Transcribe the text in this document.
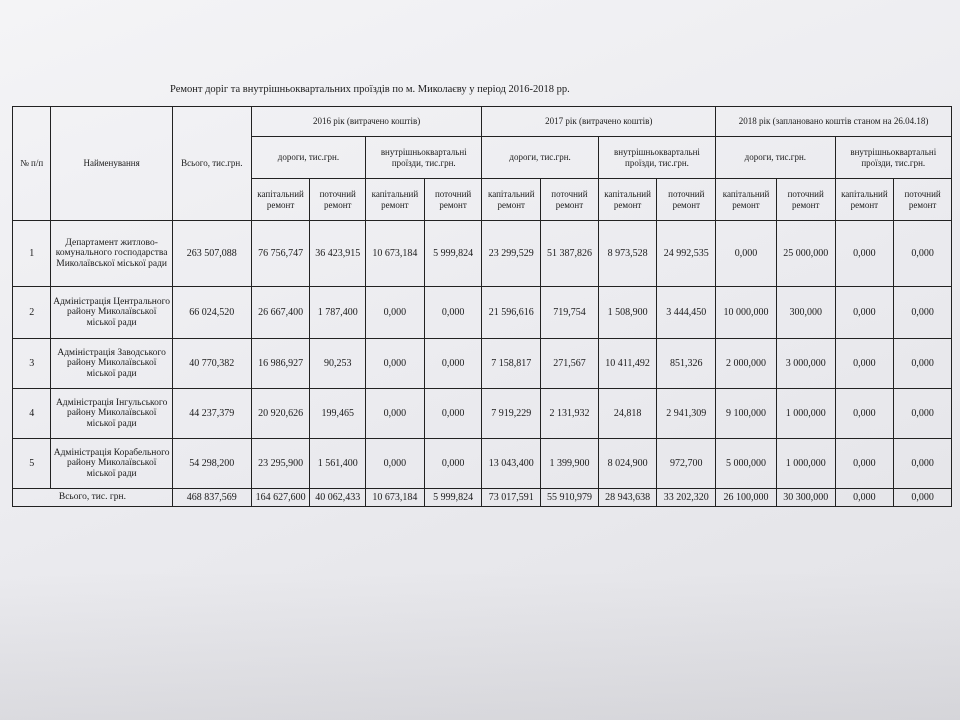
Ремонт доріг та внутрішньоквартальних проїздів по м. Миколаєву у період 2016-2018 рр.
№ п/п	Найменування	Всього, тис.грн.	2016 рік (витрачено коштів)				2017 рік (витрачено коштів)				2018 рік (заплановано коштів станом на 26.04.18)			
			дороги, тис.грн.		внутрішньоквартальні проїзди, тис.грн.		дороги, тис.грн.		внутрішньоквартальні проїзди, тис.грн.		дороги, тис.грн.		внутрішньоквартальні проїзди, тис.грн.	
			капітальний ремонт	поточний ремонт	капітальний ремонт	поточний ремонт	капітальний ремонт	поточний ремонт	капітальний ремонт	поточний ремонт	капітальний ремонт	поточний ремонт	капітальний ремонт	поточний ремонт
1	Департамент житлово-комунального господарства Миколаївської міської ради	263 507,088	76 756,747	36 423,915	10 673,184	5 999,824	23 299,529	51 387,826	8 973,528	24 992,535	0,000	25 000,000	0,000	0,000
2	Адміністрація Центрального району Миколаївської міської ради	66 024,520	26 667,400	1 787,400	0,000	0,000	21 596,616	719,754	1 508,900	3 444,450	10 000,000	300,000	0,000	0,000
3	Адміністрація Заводського району Миколаївської міської ради	40 770,382	16 986,927	90,253	0,000	0,000	7 158,817	271,567	10 411,492	851,326	2 000,000	3 000,000	0,000	0,000
4	Адміністрація Інгульського району Миколаївської міської ради	44 237,379	20 920,626	199,465	0,000	0,000	7 919,229	2 131,932	24,818	2 941,309	9 100,000	1 000,000	0,000	0,000
5	Адміністрація Корабельного району Миколаївської міської ради	54 298,200	23 295,900	1 561,400	0,000	0,000	13 043,400	1 399,900	8 024,900	972,700	5 000,000	1 000,000	0,000	0,000
Всього, тис. грн.		468 837,569	164 627,600	40 062,433	10 673,184	5 999,824	73 017,591	55 910,979	28 943,638	33 202,320	26 100,000	30 300,000	0,000	0,000
